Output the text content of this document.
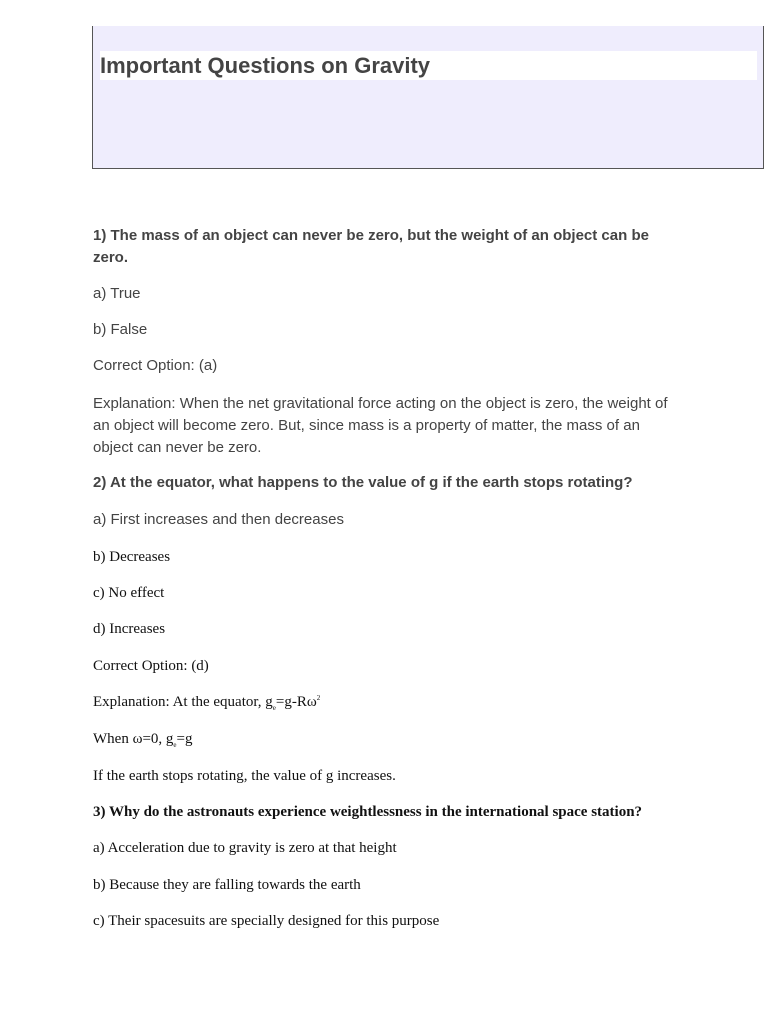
Important Questions on Gravity

1) The mass of an object can never be zero, but the weight of an object can be zero.

a) True

b) False

Correct Option: (a)

Explanation: When the net gravitational force acting on the object is zero, the weight of an object will become zero. But, since mass is a property of matter, the mass of an object can never be zero.

2) At the equator, what happens to the value of g if the earth stops rotating?

a) First increases and then decreases

b) Decreases

c) No effect

d) Increases

Correct Option: (d)

Explanation: At the equator, $g_e=g-R\omega^2$

When ω=0, $g_e=g$

If the earth stops rotating, the value of g increases.

3) Why do the astronauts experience weightlessness in the international space station?

a) Acceleration due to gravity is zero at that height

b) Because they are falling towards the earth

c) Their spacesuits are specially designed for this purpose
